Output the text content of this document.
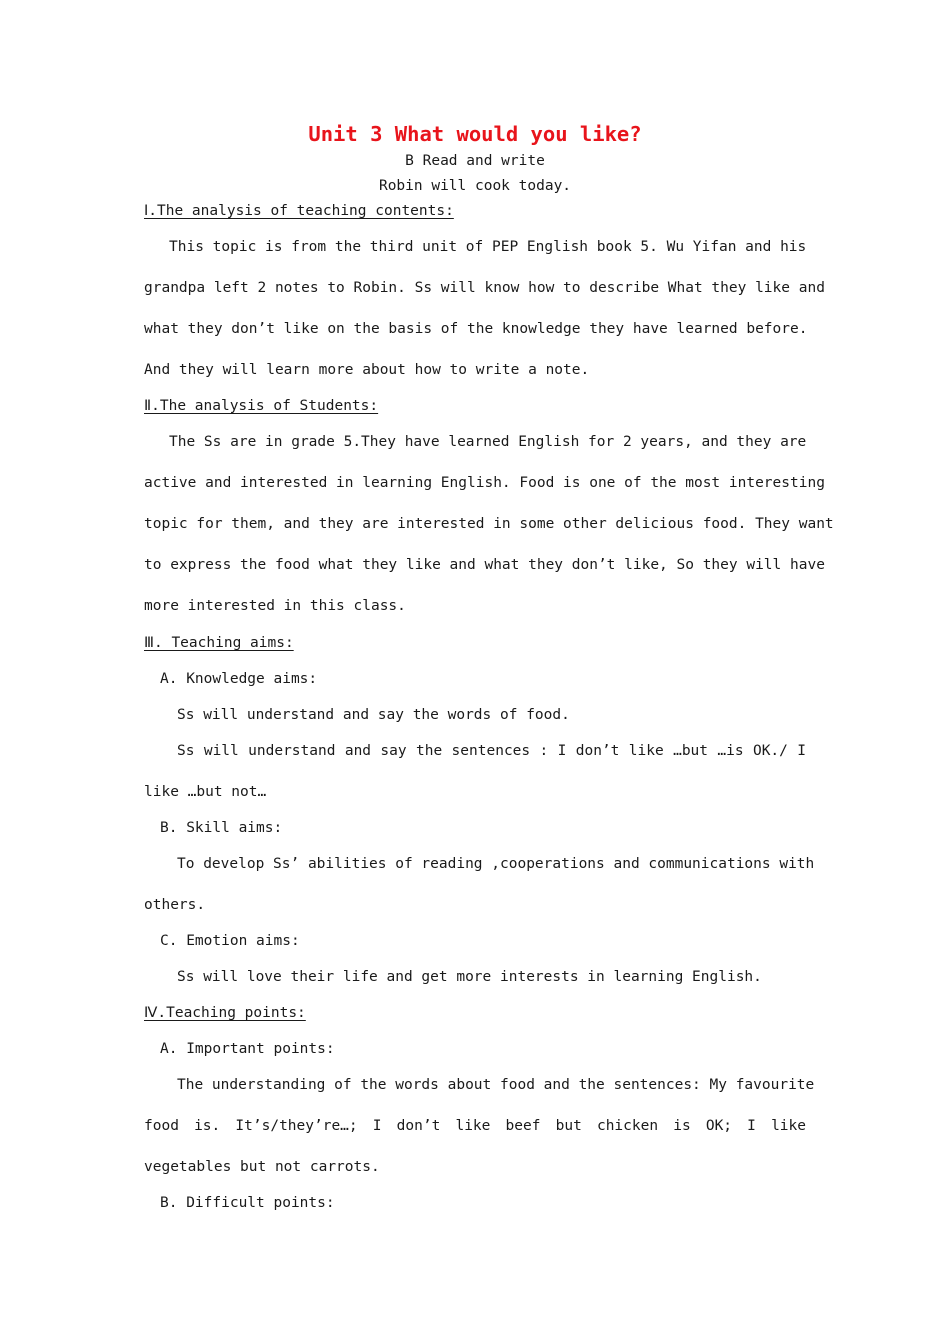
Unit 3 What would you like?
B Read and write
Robin will cook today.
Ⅰ.The analysis of teaching contents:
This topic is from the third unit of PEP English book 5. Wu Yifan and his
grandpa left 2 notes to Robin. Ss will know how to describe What they like and
what they don’t like on the basis of the knowledge they have learned before.
And they will learn more about how to write a note.
Ⅱ.The analysis of Students:
The Ss are in grade 5.They have learned English for 2 years, and they are
active and interested in learning English. Food is one of the most interesting
topic for them, and they are interested in some other delicious food. They want
to express the food what they like and what they don’t like, So they will have
more interested in this class.
Ⅲ. Teaching aims:
A. Knowledge aims:
Ss will understand and say the words of food.
Ss will understand and say the sentences : I don’t like …but …is OK./ I
like …but not…
B. Skill aims:
To develop Ss’ abilities of reading ,cooperations and communications with
others.
C. Emotion aims:
Ss will love their life and get more interests in learning English.
Ⅳ.Teaching points:
A. Important points:
The understanding of the words about food and the sentences: My favourite
food is. It’s/they’re…; I don’t like beef but chicken is OK; I like
vegetables but not carrots.
B. Difficult points:
